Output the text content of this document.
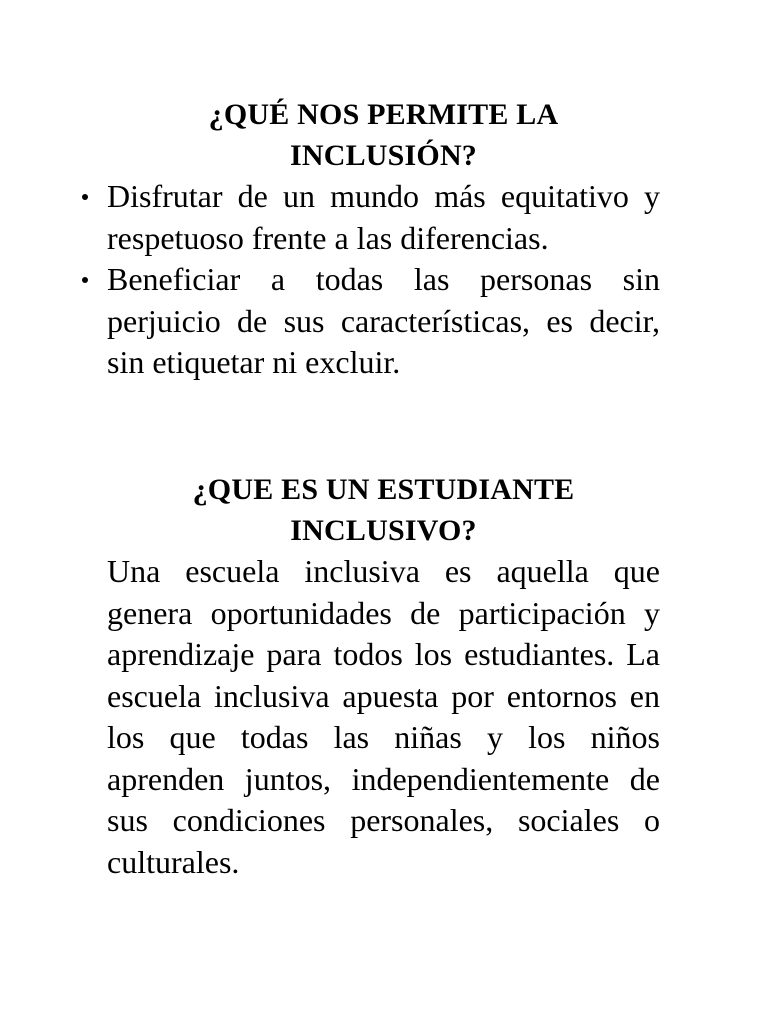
¿QUÉ NOS PERMITE LA
INCLUSIÓN?
Disfrutar de un mundo más equitativo y respetuoso frente a las diferencias.
Beneficiar a todas las personas sin perjuicio de sus características, es decir, sin etiquetar ni excluir.
¿QUE ES UN ESTUDIANTE
INCLUSIVO?

Una escuela inclusiva es aquella que genera oportunidades de participación y aprendizaje para todos los estudiantes. La escuela inclusiva apuesta por entornos en los que todas las niñas y los niños aprenden juntos, independientemente de sus condiciones personales, sociales o culturales.
